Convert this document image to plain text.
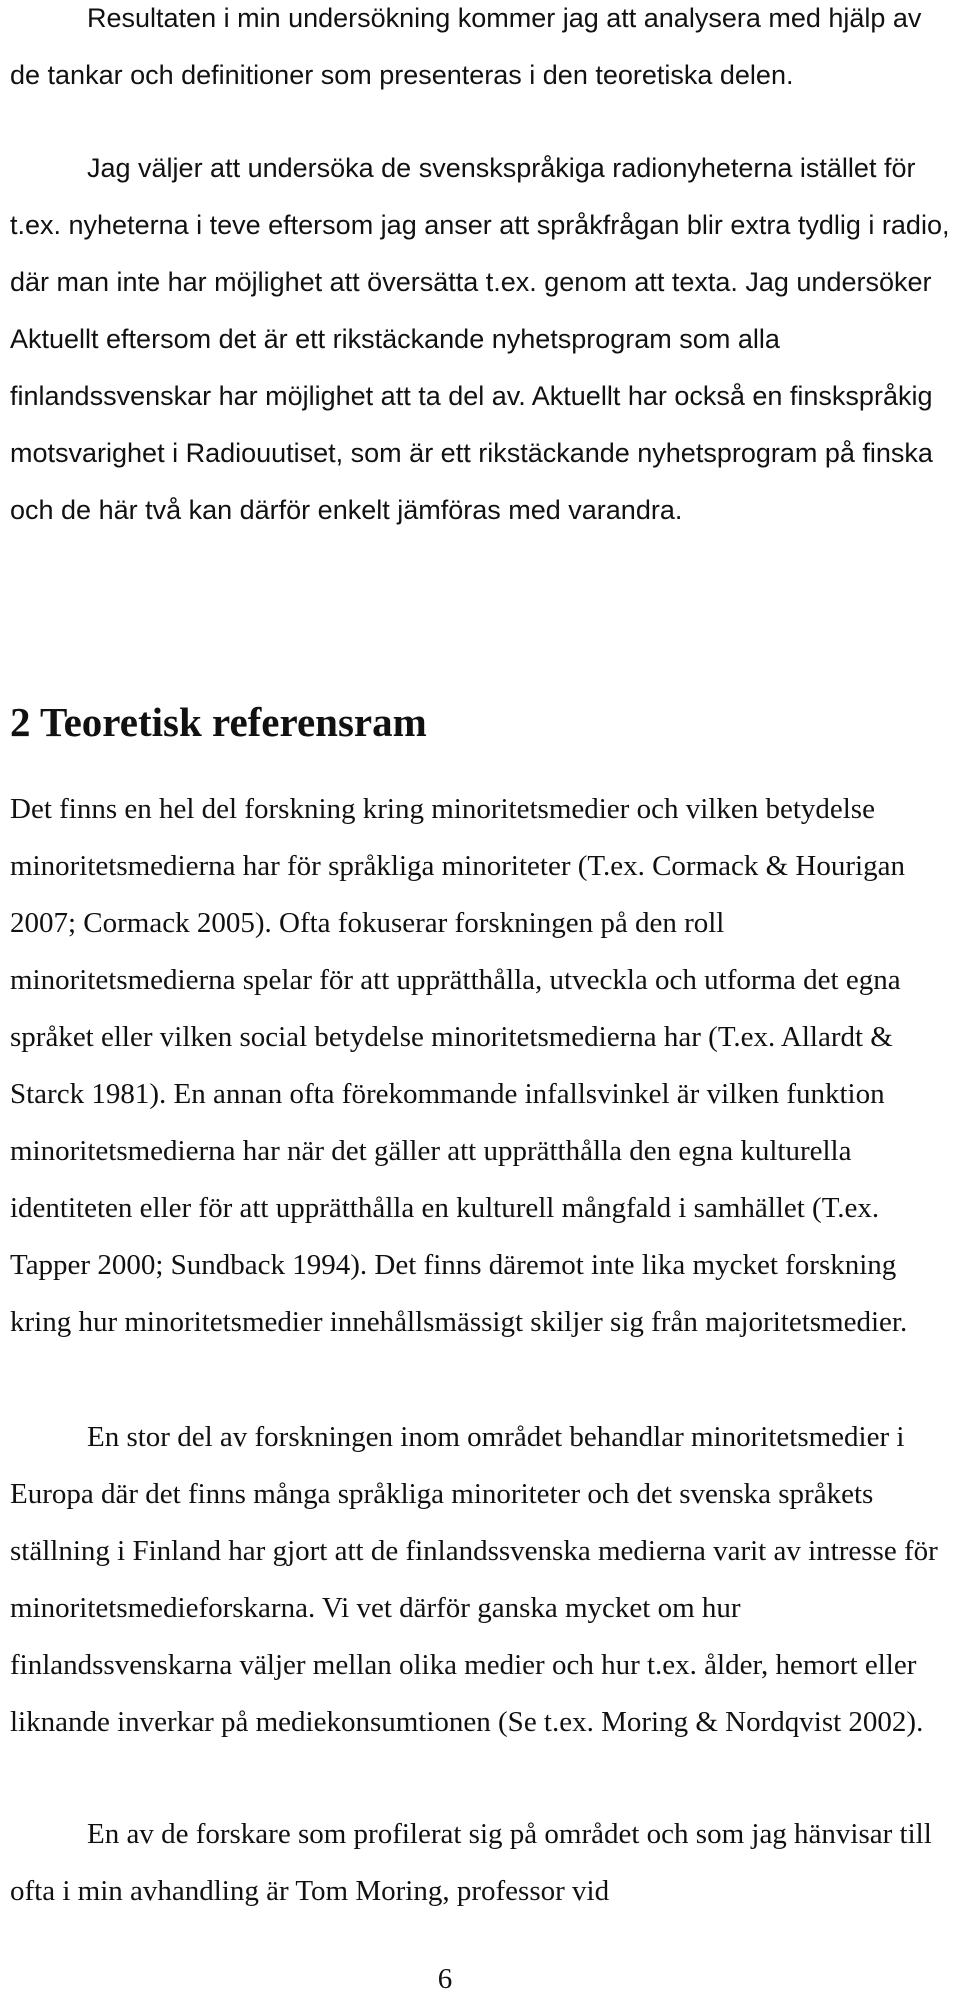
Resultaten i min undersökning kommer jag att analysera med hjälp av de tankar och definitioner som presenteras i den teoretiska delen.

Jag väljer att undersöka de svenskspråkiga radionyheterna istället för t.ex. nyheterna i teve eftersom jag anser att språkfrågan blir extra tydlig i radio, där man inte har möjlighet att översätta t.ex. genom att texta. Jag undersöker Aktuellt eftersom det är ett rikstäckande nyhetsprogram som alla finlandssvenskar har möjlighet att ta del av. Aktuellt har också en finskspråkig motsvarighet i Radiouutiset, som är ett rikstäckande nyhetsprogram på finska och de här två kan därför enkelt jämföras med varandra.

2 Teoretisk referensram

Det finns en hel del forskning kring minoritetsmedier och vilken betydelse minoritetsmedierna har för språkliga minoriteter (T.ex. Cormack & Hourigan 2007; Cormack 2005). Ofta fokuserar forskningen på den roll minoritetsmedierna spelar för att upprätthålla, utveckla och utforma det egna språket eller vilken social betydelse minoritetsmedierna har (T.ex. Allardt & Starck 1981). En annan ofta förekommande infallsvinkel är vilken funktion minoritetsmedierna har när det gäller att upprätthålla den egna kulturella identiteten eller för att upprätthålla en kulturell mångfald i samhället (T.ex. Tapper 2000; Sundback 1994). Det finns däremot inte lika mycket forskning kring hur minoritetsmedier innehållsmässigt skiljer sig från majoritetsmedier.

En stor del av forskningen inom området behandlar minoritetsmedier i Europa där det finns många språkliga minoriteter och det svenska språkets ställning i Finland har gjort att de finlandssvenska medierna varit av intresse för minoritetsmedieforskarna. Vi vet därför ganska mycket om hur finlandssvenskarna väljer mellan olika medier och hur t.ex. ålder, hemort eller liknande inverkar på mediekonsumtionen (Se t.ex. Moring & Nordqvist 2002).

En av de forskare som profilerat sig på området och som jag hänvisar till ofta i min avhandling är Tom Moring, professor vid

6
